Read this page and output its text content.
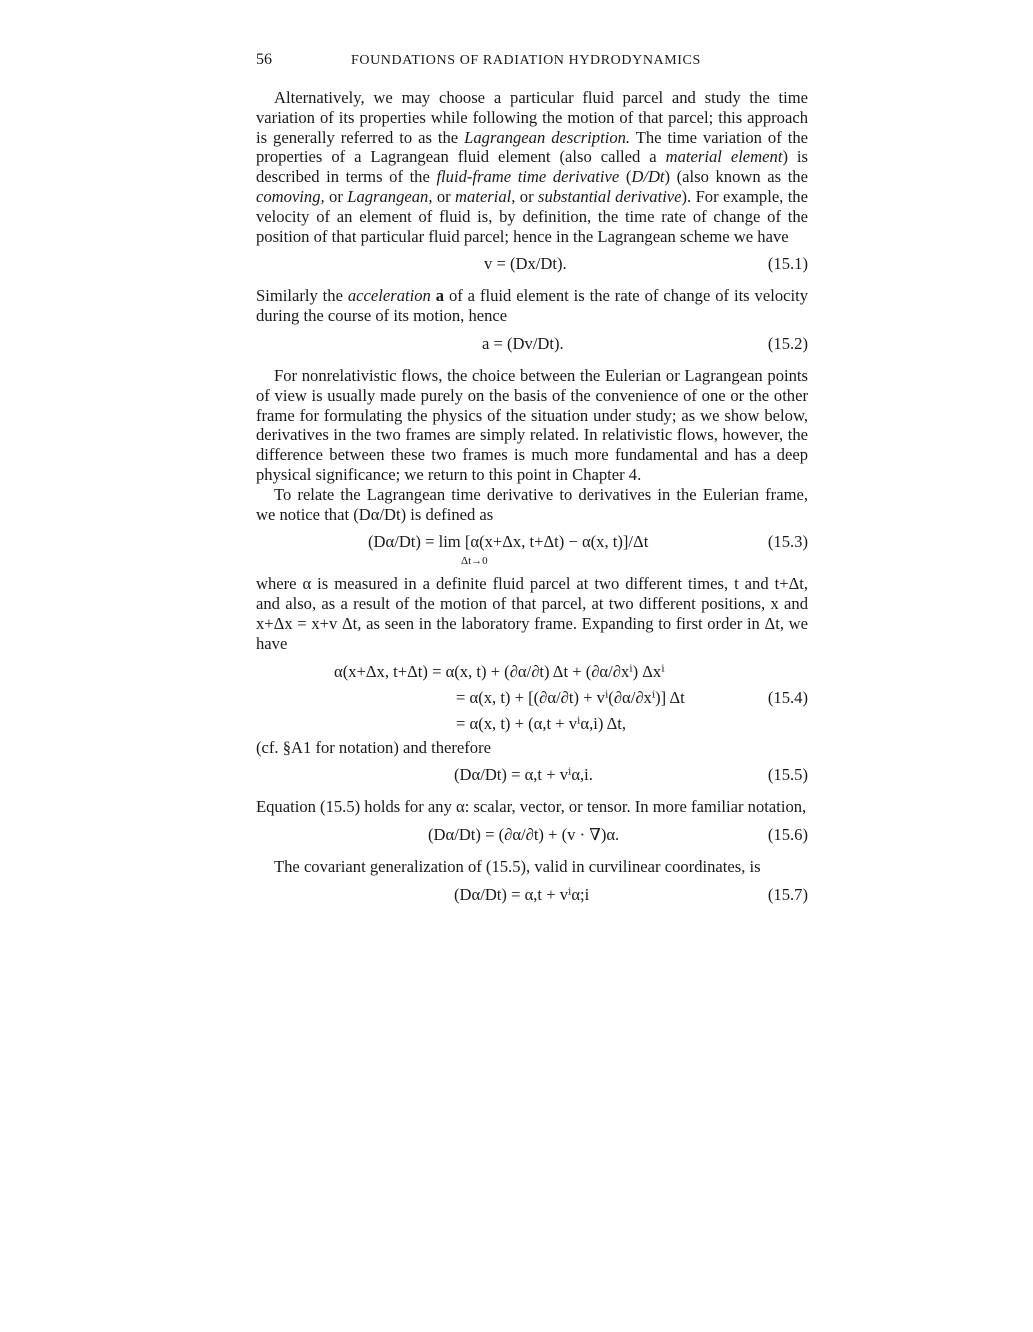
56	FOUNDATIONS OF RADIATION HYDRODYNAMICS

Alternatively, we may choose a particular fluid parcel and study the time variation of its properties while following the motion of that parcel; this approach is generally referred to as the Lagrangean description. The time variation of the properties of a Lagrangean fluid element (also called a material element) is described in terms of the fluid-frame time derivative (D/Dt) (also known as the comoving, or Lagrangean, or material, or substantial derivative). For example, the velocity of an element of fluid is, by definition, the time rate of change of the position of that particular fluid parcel; hence in the Lagrangean scheme we have

v = (Dx/Dt).	(15.1)

Similarly the acceleration a of a fluid element is the rate of change of its velocity during the course of its motion, hence

a = (Dv/Dt).	(15.2)

For nonrelativistic flows, the choice between the Eulerian or Lagrangean points of view is usually made purely on the basis of the convenience of one or the other frame for formulating the physics of the situation under study; as we show below, derivatives in the two frames are simply related. In relativistic flows, however, the difference between these two frames is much more fundamental and has a deep physical significance; we return to this point in Chapter 4.

To relate the Lagrangean time derivative to derivatives in the Eulerian frame, we notice that (Dα/Dt) is defined as

(Dα/Dt) = lim [α(x+Δx, t+Δt) − α(x, t)]/Δt
Δt→0
(15.3)

where α is measured in a definite fluid parcel at two different times, t and t+Δt, and also, as a result of the motion of that parcel, at two different positions, x and x+Δx = x+v Δt, as seen in the laboratory frame. Expanding to first order in Δt, we have

α(x+Δx, t+Δt) = α(x, t) + (∂α/∂t) Δt + (∂α/∂xⁱ) Δxⁱ
= α(x, t) + [(∂α/∂t) + vⁱ(∂α/∂xⁱ)] Δt
= α(x, t) + (α,t + vⁱα,i) Δt,
(15.4)

(cf. §A1 for notation) and therefore

(Dα/Dt) = α,t + vⁱα,i.	(15.5)

Equation (15.5) holds for any α: scalar, vector, or tensor. In more familiar notation,

(Dα/Dt) = (∂α/∂t) + (v · ∇)α.	(15.6)

The covariant generalization of (15.5), valid in curvilinear coordinates, is

(Dα/Dt) = α,t + vⁱα;i	(15.7)
